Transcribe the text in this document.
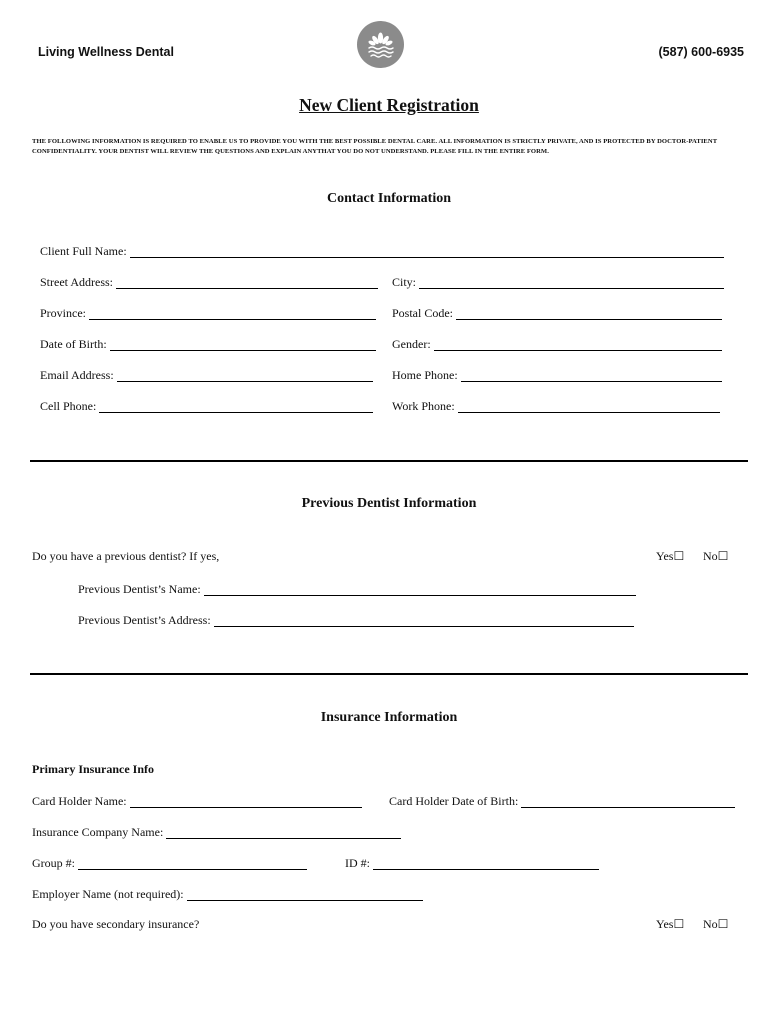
Living Wellness Dental	(587) 600-6935
New Client Registration
THE FOLLOWING INFORMATION IS REQUIRED TO ENABLE US TO PROVIDE YOU WITH THE BEST POSSIBLE DENTAL CARE. ALL INFORMATION IS STRICTLY PRIVATE, AND IS PROTECTED BY DOCTOR-PATIENT CONFIDENTIALITY. YOUR DENTIST WILL REVIEW THE QUESTIONS AND EXPLAIN ANYTHAT YOU DO NOT UNDERSTAND. PLEASE FILL IN THE ENTIRE FORM.
Contact Information
Client Full Name:
Street Address:	City:
Province:	Postal Code:
Date of Birth:	Gender:
Email Address:	Home Phone:
Cell Phone:	Work Phone:
Previous Dentist Information
Do you have a previous dentist? If yes,	Yes☐ No☐
Previous Dentist’s Name:
Previous Dentist’s Address:
Insurance Information
Primary Insurance Info
Card Holder Name:	Card Holder Date of Birth:
Insurance Company Name:
Group #:	ID #:
Employer Name (not required):
Do you have secondary insurance?	Yes☐ No☐
